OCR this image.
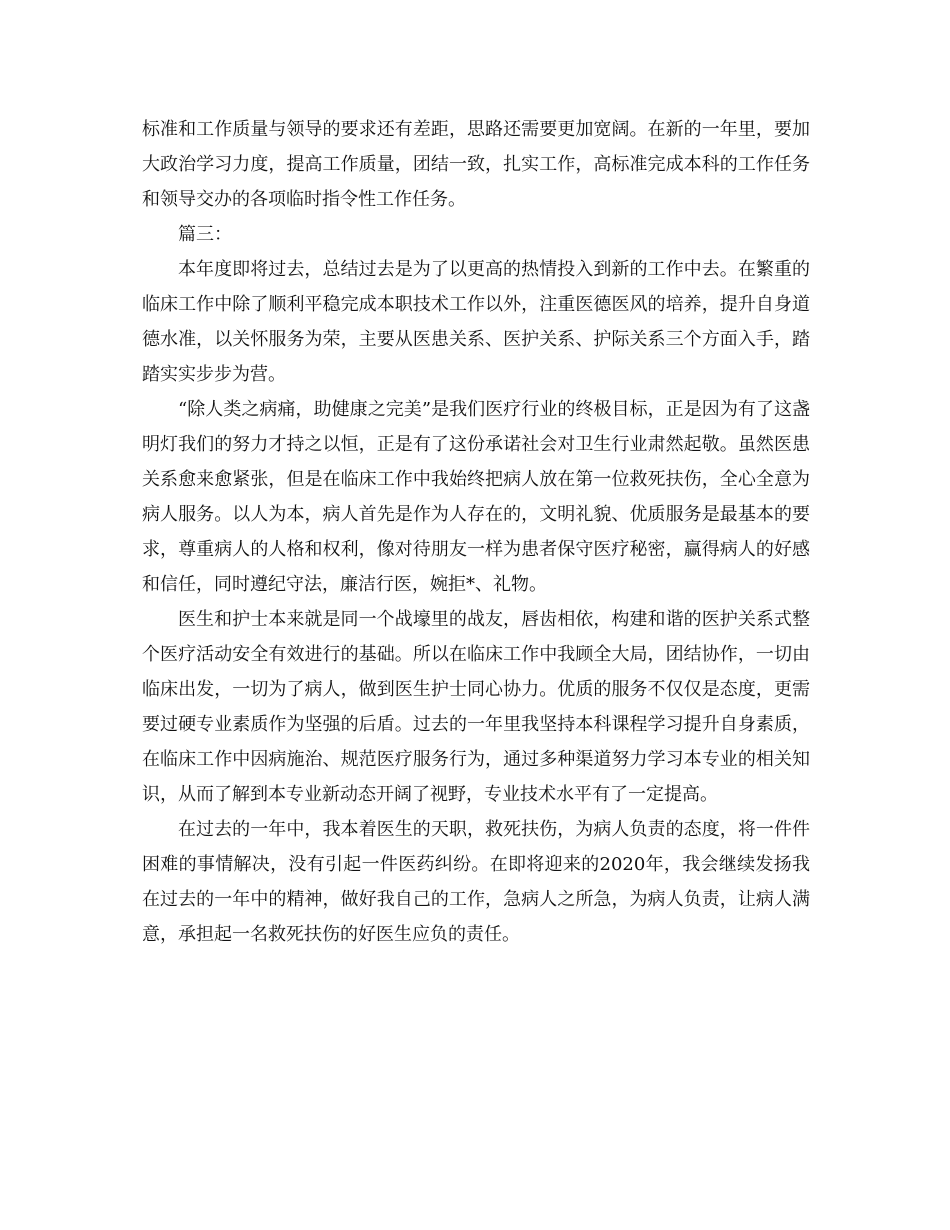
标准和工作质量与领导的要求还有差距，思路还需要更加宽阔。在新的一年里，要加大政治学习力度，提高工作质量，团结一致，扎实工作，高标准完成本科的工作任务和领导交办的各项临时指令性工作任务。

篇三：

本年度即将过去，总结过去是为了以更高的热情投入到新的工作中去。在繁重的临床工作中除了顺利平稳完成本职技术工作以外，注重医德医风的培养，提升自身道德水准，以关怀服务为荣，主要从医患关系、医护关系、护际关系三个方面入手，踏踏实实步步为营。

“除人类之病痛，助健康之完美”是我们医疗行业的终极目标，正是因为有了这盏明灯我们的努力才持之以恒，正是有了这份承诺社会对卫生行业肃然起敬。虽然医患关系愈来愈紧张，但是在临床工作中我始终把病人放在第一位救死扶伤，全心全意为病人服务。以人为本，病人首先是作为人存在的，文明礼貌、优质服务是最基本的要求，尊重病人的人格和权利，像对待朋友一样为患者保守医疗秘密，赢得病人的好感和信任，同时遵纪守法，廉洁行医，婉拒*、礼物。

医生和护士本来就是同一个战壕里的战友，唇齿相依，构建和谐的医护关系式整个医疗活动安全有效进行的基础。所以在临床工作中我顾全大局，团结协作，一切由临床出发，一切为了病人，做到医生护士同心协力。优质的服务不仅仅是态度，更需要过硬专业素质作为坚强的后盾。过去的一年里我坚持本科课程学习提升自身素质，在临床工作中因病施治、规范医疗服务行为，通过多种渠道努力学习本专业的相关知识，从而了解到本专业新动态开阔了视野，专业技术水平有了一定提高。

在过去的一年中，我本着医生的天职，救死扶伤，为病人负责的态度，将一件件困难的事情解决，没有引起一件医药纠纷。在即将迎来的2020年，我会继续发扬我在过去的一年中的精神，做好我自己的工作，急病人之所急，为病人负责，让病人满意，承担起一名救死扶伤的好医生应负的责任。
